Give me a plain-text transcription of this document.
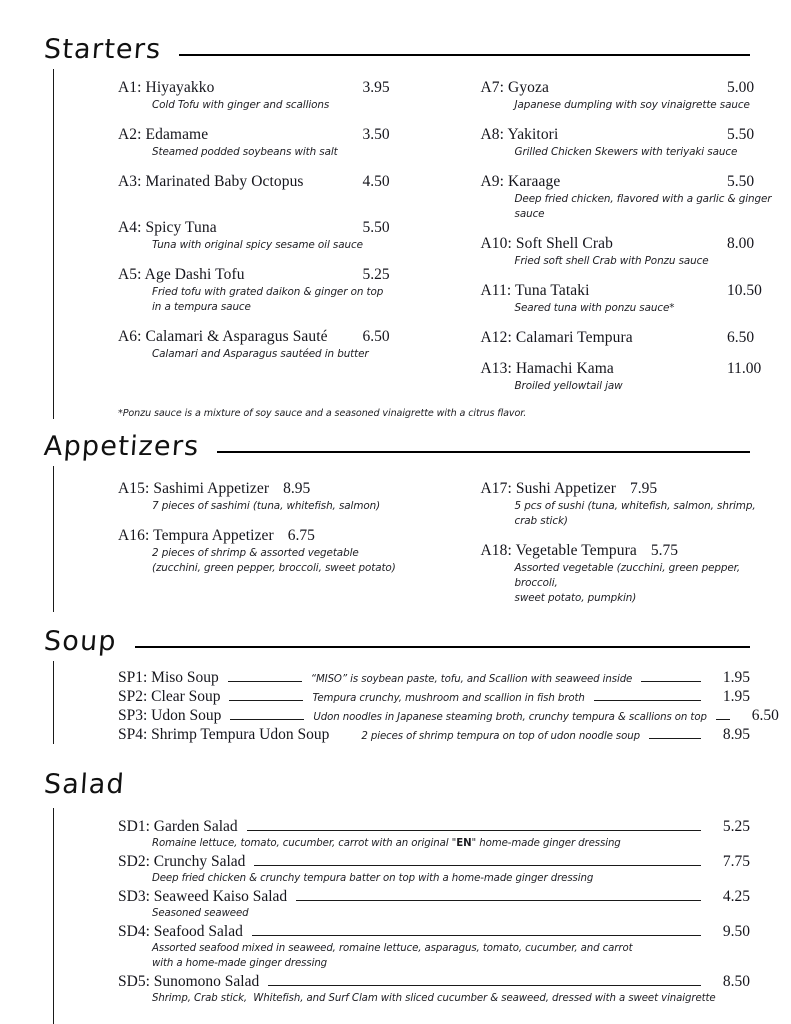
Starters
A1: Hiyayakko	3.95
Cold Tofu with ginger and scallions
A2: Edamame	3.50
Steamed podded soybeans with salt
A3: Marinated Baby Octopus	4.50
A4: Spicy Tuna	5.50
Tuna with original spicy sesame oil sauce
A5: Age Dashi Tofu	5.25
Fried tofu with grated daikon & ginger on top
in a tempura sauce
A6: Calamari & Asparagus Sauté 6.50
Calamari and Asparagus sautéed in butter
A7: Gyoza	5.00
Japanese dumpling with soy vinaigrette sauce
A8: Yakitori	5.50
Grilled Chicken Skewers with teriyaki sauce
A9: Karaage	5.50
Deep fried chicken, flavored with a garlic & ginger sauce
A10: Soft Shell Crab	8.00
Fried soft shell Crab with Ponzu sauce
A11: Tuna Tataki	10.50
Seared tuna with ponzu sauce*
A12: Calamari Tempura	6.50
A13: Hamachi Kama	11.00
Broiled yellowtail jaw
*Ponzu sauce is a mixture of soy sauce and a seasoned vinaigrette with a citrus flavor.
Appetizers
A15: Sashimi Appetizer 8.95
7 pieces of sashimi (tuna, whitefish, salmon)
A16: Tempura Appetizer 6.75
2 pieces of shrimp & assorted vegetable
(zucchini, green pepper, broccoli, sweet potato)
A17: Sushi Appetizer 7.95
5 pcs of sushi (tuna, whitefish, salmon, shrimp, crab stick)
A18: Vegetable Tempura 5.75
Assorted vegetable (zucchini, green pepper, broccoli,
sweet potato, pumpkin)
Soup
SP1: Miso Soup	“MISO” is soybean paste, tofu, and Scallion with seaweed inside	1.95
SP2: Clear Soup	Tempura crunchy, mushroom and scallion in fish broth	1.95
SP3: Udon Soup	Udon noodles in Japanese steaming broth, crunchy tempura & scallions on top	6.50
SP4: Shrimp Tempura Udon Soup	2 pieces of shrimp tempura on top of udon noodle soup	8.95
Salad
SD1: Garden Salad	5.25
Romaine lettuce, tomato, cucumber, carrot with an original "EN" home-made ginger dressing
SD2: Crunchy Salad	7.75
Deep fried chicken & crunchy tempura batter on top with a home-made ginger dressing
SD3: Seaweed Kaiso Salad	4.25
Seasoned seaweed
SD4: Seafood Salad	9.50
Assorted seafood mixed in seaweed, romaine lettuce, asparagus, tomato, cucumber, and carrot
with a home-made ginger dressing
SD5: Sunomono Salad	8.50
Shrimp, Crab stick,  Whitefish, and Surf Clam with sliced cucumber & seaweed, dressed with a sweet vinaigrette
